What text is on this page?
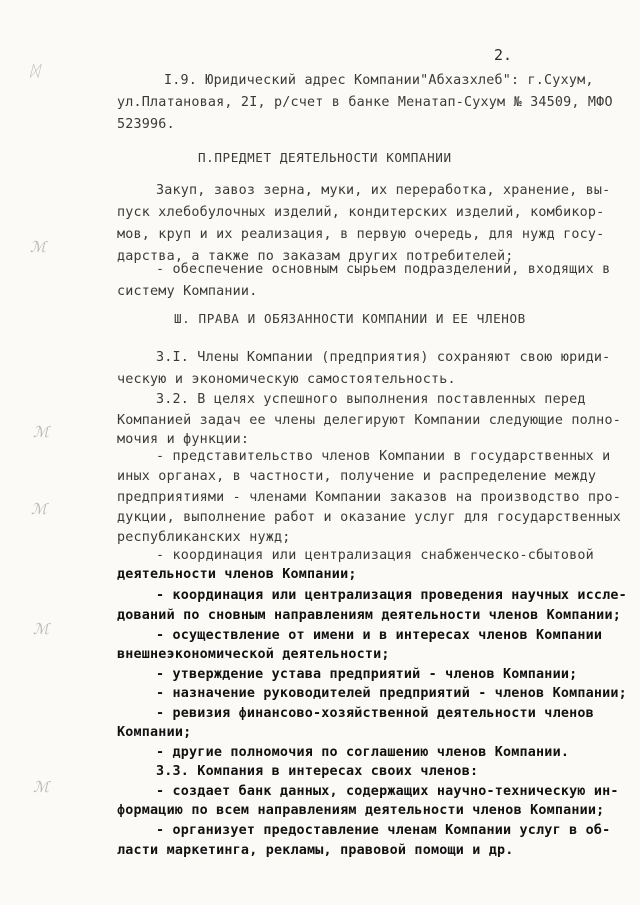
2.
ᛞ
ℳ
ℳ
ℳ
ℳ
ℳ
I.9. Юридический адрес Компании"Абхазхлеб": г.Сухум,
ул.Платановая, 2I, р/счет в банке Менатап-Сухум № 34509, МФО
523996.
П.ПРЕДМЕТ ДЕЯТЕЛЬНОСТИ КОМПАНИИ
Закуп, завоз зерна, муки, их переработка, хранение, вы-
пуск хлебобулочных изделий, кондитерских изделий, комбикор-
мов, круп и их реализация, в первую очередь, для нужд госу-
дарства, а также по заказам других потребителей;
- обеспечение основным сырьем подразделений, входящих в
систему Компании.
Ш. ПРАВА И ОБЯЗАННОСТИ КОМПАНИИ И ЕЕ ЧЛЕНОВ
3.I. Члены Компании (предприятия) сохраняют свою юриди-
ческую и экономическую самостоятельность.
3.2. В целях успешного выполнения поставленных перед
Компанией задач ее члены делегируют Компании следующие полно-
мочия и функции:
- представительство членов Компании в государственных и
иных органах, в частности, получение и распределение между
предприятиями - членами Компании заказов на производство про-
дукции, выполнение работ и оказание услуг для государственных
республиканских нужд;
- координация или централизация снабженческо-сбытовой
деятельности членов Компании;
- координация или централизация проведения научных иссле-
дований по сновным направлениям деятельности членов Компании;
- осуществление от имени и в интересах членов Компании
внешнеэкономической деятельности;
- утверждение устава предприятий - членов Компании;
- назначение руководителей предприятий - членов Компании;
- ревизия финансово-хозяйственной деятельности членов
Компании;
- другие полномочия по соглашению членов Компании.
3.3. Компания в интересах своих членов:
- создает банк данных, содержащих научно-техническую ин-
формацию по всем направлениям деятельности членов Компании;
- организует предоставление членам Компании услуг в об-
ласти маркетинга, рекламы, правовой помощи и др.
